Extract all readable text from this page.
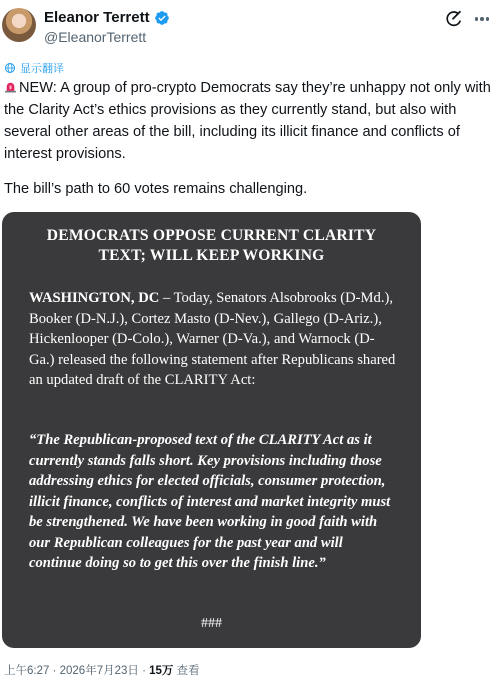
Eleanor Terrett
@EleanorTerrett
显示翻译

NEW: A group of pro-crypto Democrats say they’re unhappy not only with the Clarity Act’s ethics provisions as they currently stand, but also with several other areas of the bill, including its illicit finance and conflicts of interest provisions.

The bill’s path to 60 votes remains challenging.
DEMOCRATS OPPOSE CURRENT CLARITY
TEXT; WILL KEEP WORKING
WASHINGTON, DC – Today, Senators Alsobrooks (D-Md.), Booker (D-N.J.), Cortez Masto (D-Nev.), Gallego (D-Ariz.), Hickenlooper (D-Colo.), Warner (D-Va.), and Warnock (D-Ga.) released the following statement after Republicans shared an updated draft of the CLARITY Act:
“The Republican-proposed text of the CLARITY Act as it currently stands falls short. Key provisions including those addressing ethics for elected officials, consumer protection, illicit finance, conflicts of interest and market integrity must be strengthened. We have been working in good faith with our Republican colleagues for the past year and will continue doing so to get this over the finish line.”
###
上午6:27 · 2026年7月23日 · 15万 查看
